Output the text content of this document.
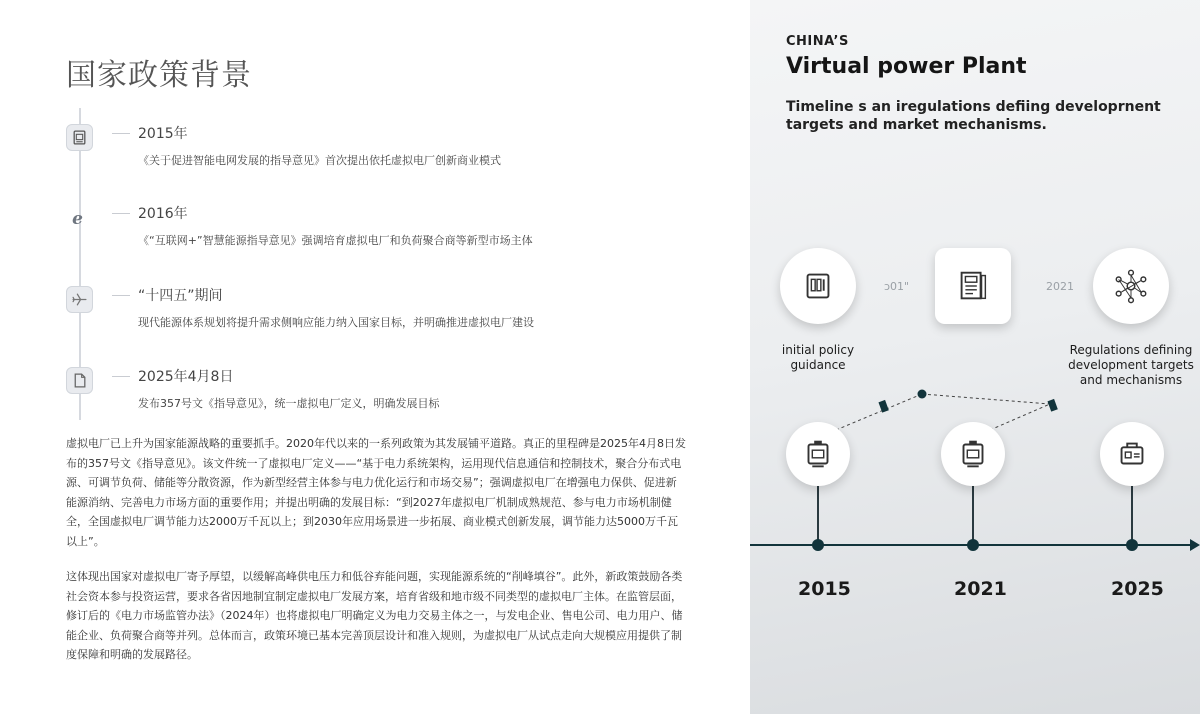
国家政策背景
2015年
《关于促进智能电网发展的指导意见》首次提出依托虚拟电厂创新商业模式
e	2016年
《“互联网+”智慧能源指导意见》强调培育虚拟电厂和负荷聚合商等新型市场主体
“十四五”期间
现代能源体系规划将提升需求侧响应能力纳入国家目标，并明确推进虚拟电厂建设
2025年4月8日
发布357号文《指导意见》，统一虚拟电厂定义，明确发展目标

虚拟电厂已上升为国家能源战略的重要抓手。2020年代以来的一系列政策为其发展铺平道路。真正的里程碑是2025年4月8日发布的357号文《指导意见》。该文件统一了虚拟电厂定义——“基于电力系统架构，运用现代信息通信和控制技术，聚合分布式电源、可调节负荷、储能等分散资源，作为新型经营主体参与电力优化运行和市场交易”；强调虚拟电厂在增强电力保供、促进新能源消纳、完善电力市场方面的重要作用；并提出明确的发展目标：“到2027年虚拟电厂机制成熟规范、参与电力市场机制健全，全国虚拟电厂调节能力达2000万千瓦以上；到2030年应用场景进一步拓展、商业模式创新发展，调节能力达5000万千瓦以上”。

这体现出国家对虚拟电厂寄予厚望，以缓解高峰供电压力和低谷弃能问题，实现能源系统的“削峰填谷”。此外，新政策鼓励各类社会资本参与投资运营，要求各省因地制宜制定虚拟电厂发展方案，培育省级和地市级不同类型的虚拟电厂主体。在监管层面，修订后的《电力市场监管办法》（2024年）也将虚拟电厂明确定义为电力交易主体之一，与发电企业、售电公司、电力用户、储能企业、负荷聚合商等并列。总体而言，政策环境已基本完善顶层设计和准入规则，为虚拟电厂从试点走向大规模应用提供了制度保障和明确的发展路径。

CHINA’S
Virtual power Plant
Timeline s an iregulations defiing developrnent targets and market mechanisms.
ɔ01"	2021
initial policy guidance
Regulations defining development targets and mechanisms
2015	2021	2025
